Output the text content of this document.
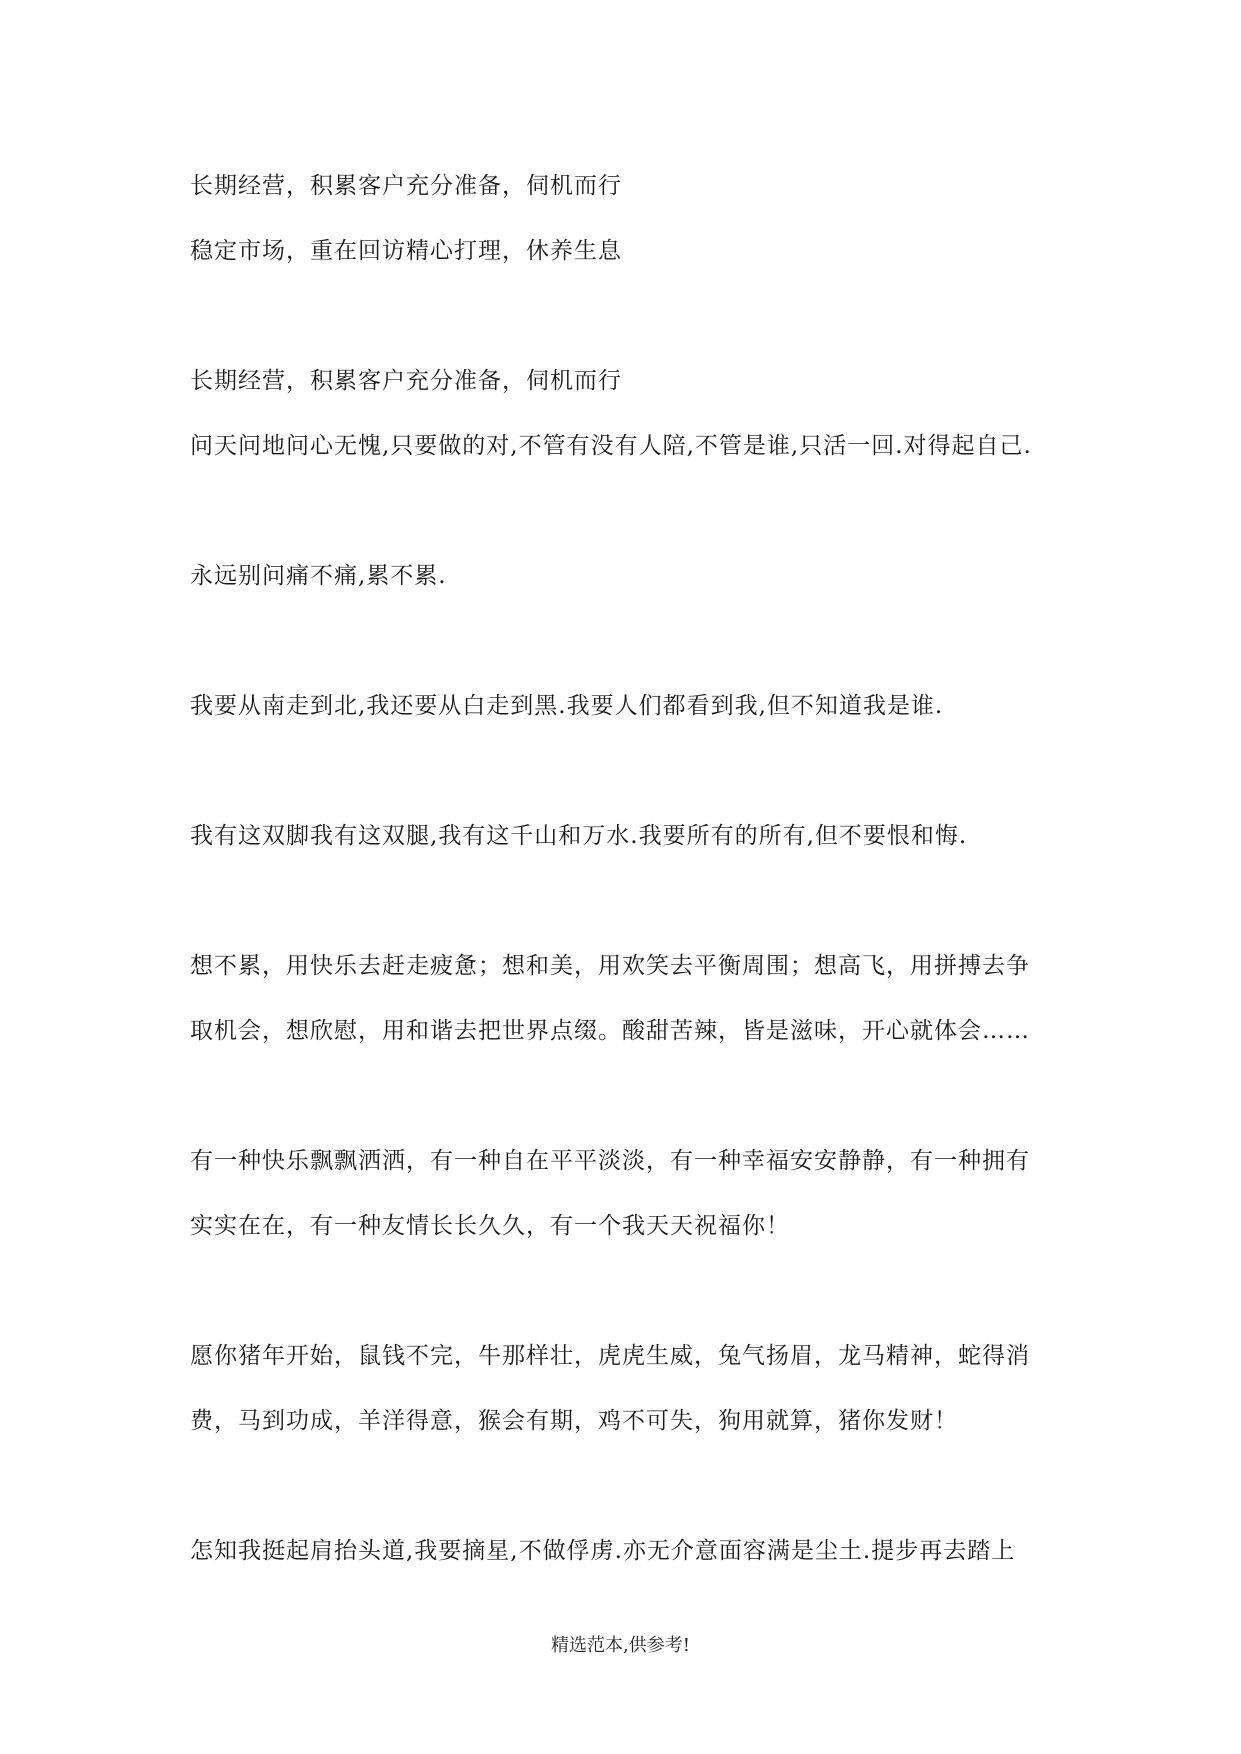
长期经营，积累客户充分准备，伺机而行

稳定市场，重在回访精心打理，休养生息

长期经营，积累客户充分准备，伺机而行

问天问地问心无愧,只要做的对,不管有没有人陪,不管是谁,只活一回.对得起自己.

永远别问痛不痛,累不累.

我要从南走到北,我还要从白走到黑.我要人们都看到我,但不知道我是谁.

我有这双脚我有这双腿,我有这千山和万水.我要所有的所有,但不要恨和悔.

想不累，用快乐去赶走疲惫；想和美，用欢笑去平衡周围；想高飞，用拼搏去争

取机会，想欣慰，用和谐去把世界点缀。酸甜苦辣，皆是滋味，开心就体会……

有一种快乐飘飘洒洒，有一种自在平平淡淡，有一种幸福安安静静，有一种拥有

实实在在，有一种友情长长久久，有一个我天天祝福你！

愿你猪年开始，鼠钱不完，牛那样壮，虎虎生威，兔气扬眉，龙马精神，蛇得消

费，马到功成，羊洋得意，猴会有期，鸡不可失，狗用就算，猪你发财！

怎知我挺起肩抬头道,我要摘星,不做俘虏.亦无介意面容满是尘土.提步再去踏上

精选范本,供参考!
